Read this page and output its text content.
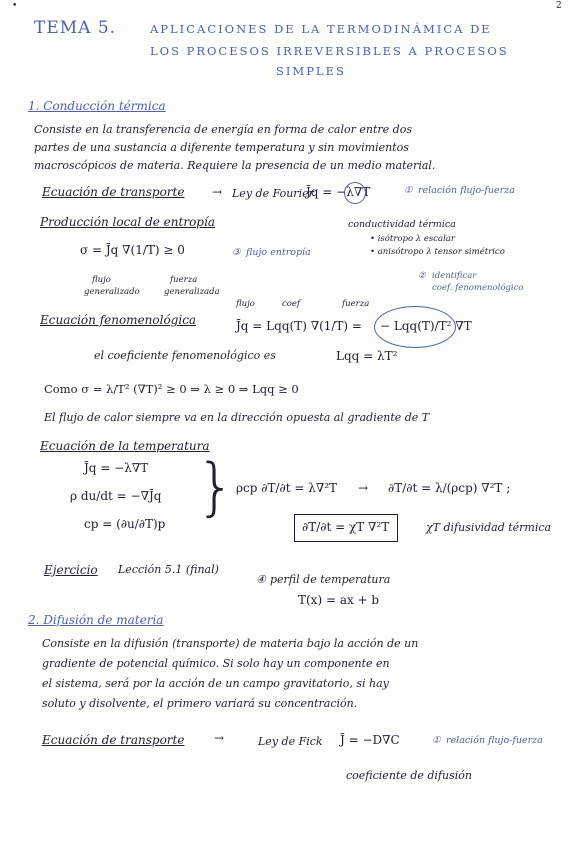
2
•
TEMA 5.	APLICACIONES DE LA TERMODINÁMICA DE
LOS PROCESOS IRREVERSIBLES A PROCESOS
SIMPLES
1. Conducción térmica
Consiste en la transferencia de energía en forma de calor entre dos
partes de una sustancia a diferente temperatura y sin movimientos
macroscópicos de materia. Requiere la presencia de un medio material.
Ecuación de transporte → Ley de Fourier
J̄q = −λ∇T	① relación flujo-fuerza
conductividad térmica
• isótropo λ escalar
• anisótropo λ tensor simétrico
② identificar
coef. fenomenológico
Producción local de entropía
σ = J̄q ∇(1/T) ≥ 0	③ flujo entropía
flujo
generalizado
fuerza
generalizada
Ecuación fenomenológica
flujo	coef	fuerza
J̄q = Lqq(T) ∇(1/T) = − Lqq(T)/T² ∇T
el coeficiente fenomenológico es	Lqq = λT²
Como σ = λ/T² (∇T)² ≥ 0 ⇒ λ ≥ 0 ⇒ Lqq ≥ 0
El flujo de calor siempre va en la dirección opuesta al gradiente de T
Ecuación de la temperatura
J̄q = −λ∇T
ρ du/dt = −∇J̄q
cp = (∂u/∂T)p
} ρcp ∂T/∂t = λ∇²T → ∂T/∂t = λ/(ρcp) ∇²T ;
∂T/∂t = χT ∇²T	χT difusividad térmica
Ejercicio Lección 5.1 (final)
④ perfil de temperatura
T(x) = ax + b
2. Difusión de materia
Consiste en la difusión (transporte) de materia bajo la acción de un
gradiente de potencial químico. Si solo hay un componente en
el sistema, será por la acción de un campo gravitatorio, si hay
soluto y disolvente, el primero variará su concentración.
Ecuación de transporte →	Ley de Fick J̄ = −D∇C	① relación flujo-fuerza
coeficiente de difusión
